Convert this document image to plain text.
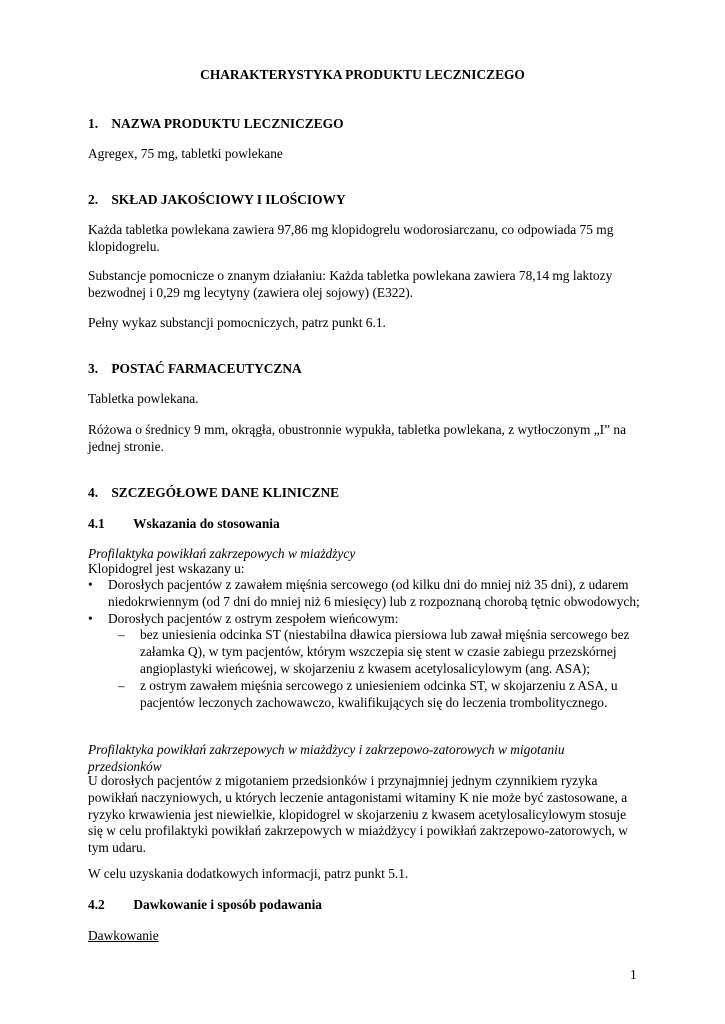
CHARAKTERYSTYKA PRODUKTU LECZNICZEGO
1. NAZWA PRODUKTU LECZNICZEGO

Agregex, 75 mg, tabletki powlekane

2. SKŁAD JAKOŚCIOWY I ILOŚCIOWY

Każda tabletka powlekana zawiera 97,86 mg klopidogrelu wodorosiarczanu, co odpowiada 75 mg klopidogrelu.

Substancje pomocnicze o znanym działaniu: Każda tabletka powlekana zawiera 78,14 mg laktozy bezwodnej i 0,29 mg lecytyny (zawiera olej sojowy) (E322).

Pełny wykaz substancji pomocniczych, patrz punkt 6.1.

3. POSTAĆ FARMACEUTYCZNA

Tabletka powlekana.

Różowa o średnicy 9 mm, okrągła, obustronnie wypukła, tabletka powlekana, z wytłoczonym „I” na jednej stronie.

4. SZCZEGÓŁOWE DANE KLINICZNE
4.1 Wskazania do stosowania

Profilaktyka powikłań zakrzepowych w miażdżycy

Klopidogrel jest wskazany u:

• Dorosłych pacjentów z zawałem mięśnia sercowego (od kilku dni do mniej niż 35 dni), z udarem niedokrwiennym (od 7 dni do mniej niż 6 miesięcy) lub z rozpoznaną chorobą tętnic obwodowych;
• Dorosłych pacjentów z ostrym zespołem wieńcowym:
– bez uniesienia odcinka ST (niestabilna dławica piersiowa lub zawał mięśnia sercowego bez załamka Q), w tym pacjentów, którym wszczepia się stent w czasie zabiegu przezskórnej angioplastyki wieńcowej, w skojarzeniu z kwasem acetylosalicylowym (ang. ASA);
– z ostrym zawałem mięśnia sercowego z uniesieniem odcinka ST, w skojarzeniu z ASA, u pacjentów leczonych zachowawczo, kwalifikujących się do leczenia trombolitycznego.

Profilaktyka powikłań zakrzepowych w miażdżycy i zakrzepowo-zatorowych w migotaniu przedsionków

U dorosłych pacjentów z migotaniem przedsionków i przynajmniej jednym czynnikiem ryzyka powikłań naczyniowych, u których leczenie antagonistami witaminy K nie może być zastosowane, a ryzyko krwawienia jest niewielkie, klopidogrel w skojarzeniu z kwasem acetylosalicylowym stosuje się w celu profilaktyki powikłań zakrzepowych w miażdżycy i powikłań zakrzepowo-zatorowych, w tym udaru.

W celu uzyskania dodatkowych informacji, patrz punkt 5.1.

4.2 Dawkowanie i sposób podawania

Dawkowanie

1
